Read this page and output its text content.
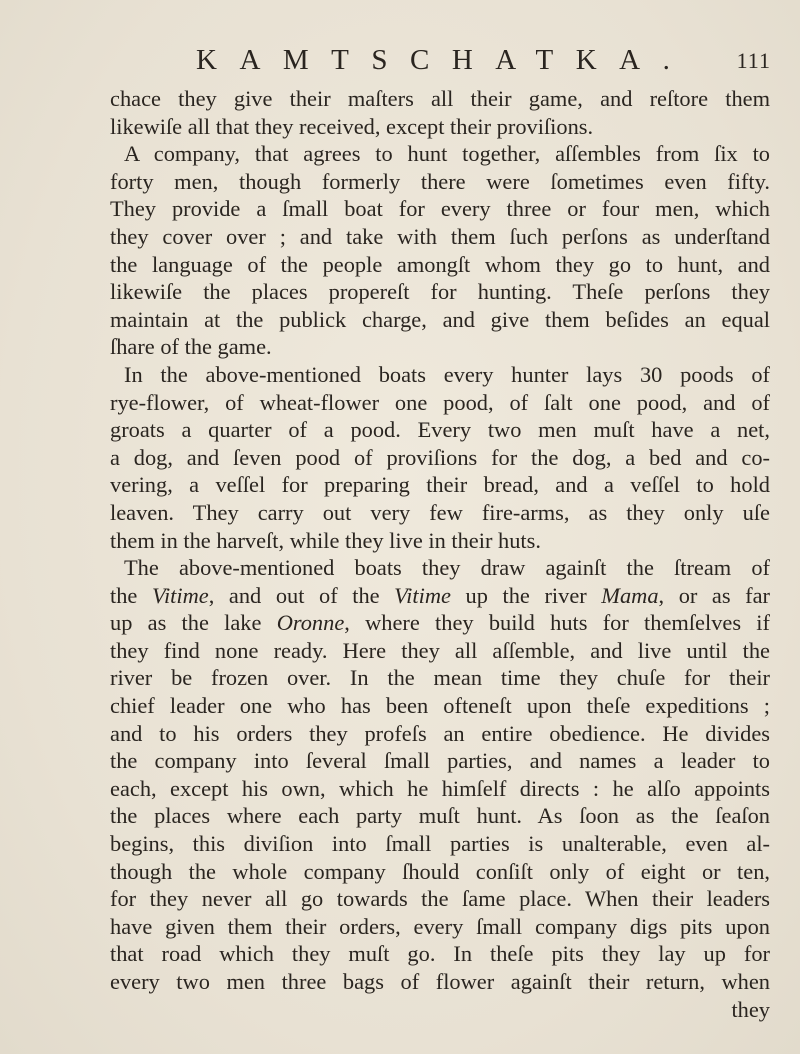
KAMTSCHATKA. 111
chace they give their maſters all their game, and reſtore them
likewiſe all that they received, except their proviſions.
A company, that agrees to hunt together, aſſembles from ſix to
forty men, though formerly there were ſometimes even fifty.
They provide a ſmall boat for every three or four men, which
they cover over ; and take with them ſuch perſons as underſtand
the language of the people amongſt whom they go to hunt, and
likewiſe the places propereſt for hunting. Theſe perſons they
maintain at the publick charge, and give them beſides an equal
ſhare of the game.
In the above-mentioned boats every hunter lays 30 poods of
rye-flower, of wheat-flower one pood, of ſalt one pood, and of
groats a quarter of a pood. Every two men muſt have a net,
a dog, and ſeven pood of proviſions for the dog, a bed and co-
vering, a veſſel for preparing their bread, and a veſſel to hold
leaven. They carry out very few fire-arms, as they only uſe
them in the harveſt, while they live in their huts.
The above-mentioned boats they draw againſt the ſtream of
the Vitime, and out of the Vitime up the river Mama, or as far
up as the lake Oronne, where they build huts for themſelves if
they find none ready. Here they all aſſemble, and live until the
river be frozen over. In the mean time they chuſe for their
chief leader one who has been ofteneſt upon theſe expeditions ;
and to his orders they profeſs an entire obedience. He divides
the company into ſeveral ſmall parties, and names a leader to
each, except his own, which he himſelf directs : he alſo appoints
the places where each party muſt hunt. As ſoon as the ſeaſon
begins, this diviſion into ſmall parties is unalterable, even al-
though the whole company ſhould conſiſt only of eight or ten,
for they never all go towards the ſame place. When their leaders
have given them their orders, every ſmall company digs pits upon
that road which they muſt go. In theſe pits they lay up for
every two men three bags of flower againſt their return, when
they
